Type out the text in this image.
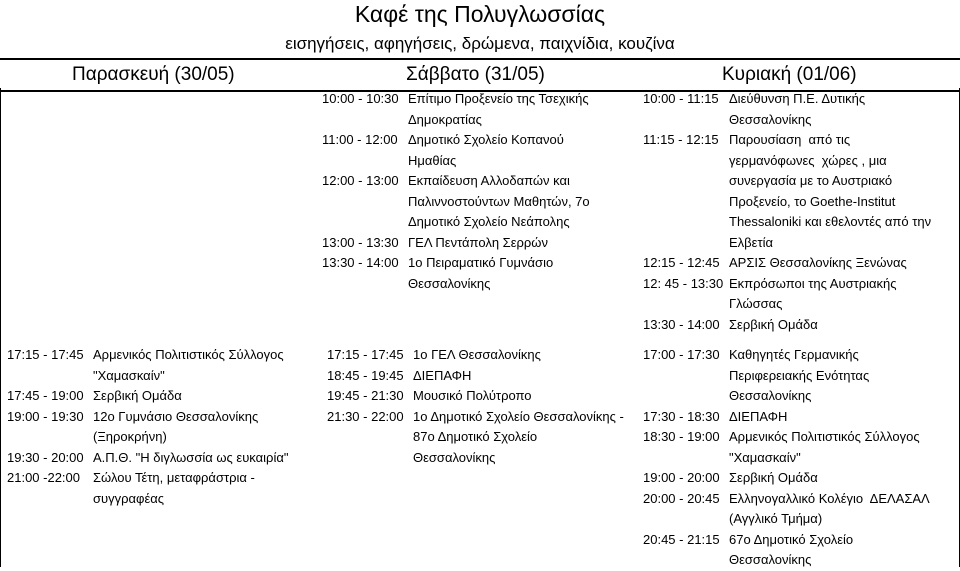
Καφέ της Πολυγλωσσίας
εισηγήσεις, αφηγήσεις, δρώμενα, παιχνίδια, κουζίνα
Παρασκευή (30/05)	Σάββατο (31/05)	Κυριακή (01/06)
10:00 - 10:30 Επίτιμο Προξενείο της Τσεχικής
Δημοκρατίας
11:00 - 12:00 Δημοτικό Σχολείο Κοπανού
Ημαθίας
12:00 - 13:00 Εκπαίδευση Αλλοδαπών και
Παλιννοστούντων Μαθητών, 7ο
Δημοτικό Σχολείο Νεάπολης
13:00 - 13:30 ΓΕΛ Πεντάπολη Σερρών
13:30 - 14:00 1ο Πειραματικό Γυμνάσιο
Θεσσαλονίκης
10:00 - 11:15 Διεύθυνση Π.Ε. Δυτικής
Θεσσαλονίκης
11:15 - 12:15 Παρουσίαση  από τις
γερμανόφωνες  χώρες , μια
συνεργασία με το Αυστριακό
Προξενείο, το Goethe-Institut
Thessaloniki και εθελοντές από την
Ελβετία
12:15 - 12:45 ΑΡΣΙΣ Θεσσαλονίκης Ξενώνας
12: 45 - 13:30 Εκπρόσωποι της Αυστριακής
Γλώσσας
13:30 - 14:00 Σερβική Ομάδα
17:15 - 17:45 Αρμενικός Πολιτιστικός Σύλλογος
"Χαμασκαίν"
17:45 - 19:00 Σερβική Ομάδα
19:00 - 19:30 12ο Γυμνάσιο Θεσσαλονίκης
(Ξηροκρήνη)
19:30 - 20:00 Α.Π.Θ. "Η διγλωσσία ως ευκαιρία"
21:00 -22:00 Σώλου Τέτη, μεταφράστρια -
συγγραφέας
17:15 - 17:45 1ο ΓΕΛ Θεσσαλονίκης
18:45 - 19:45 ΔΙΕΠΑΦΗ
19:45 - 21:30 Μουσικό Πολύτροπο
21:30 - 22:00 1ο Δημοτικό Σχολείο Θεσσαλονίκης -
87ο Δημοτικό Σχολείο
Θεσσαλονίκης
17:00 - 17:30 Καθηγητές Γερμανικής
Περιφερειακής Ενότητας
Θεσσαλονίκης
17:30 - 18:30 ΔΙΕΠΑΦΗ
18:30 - 19:00 Αρμενικός Πολιτιστικός Σύλλογος
"Χαμασκαίν"
19:00 - 20:00 Σερβική Ομάδα
20:00 - 20:45 Ελληνογαλλικό Κολέγιο  ΔΕΛΑΣΑΛ
(Αγγλικό Τμήμα)
20:45 - 21:15 67ο Δημοτικό Σχολείο
Θεσσαλονίκης
